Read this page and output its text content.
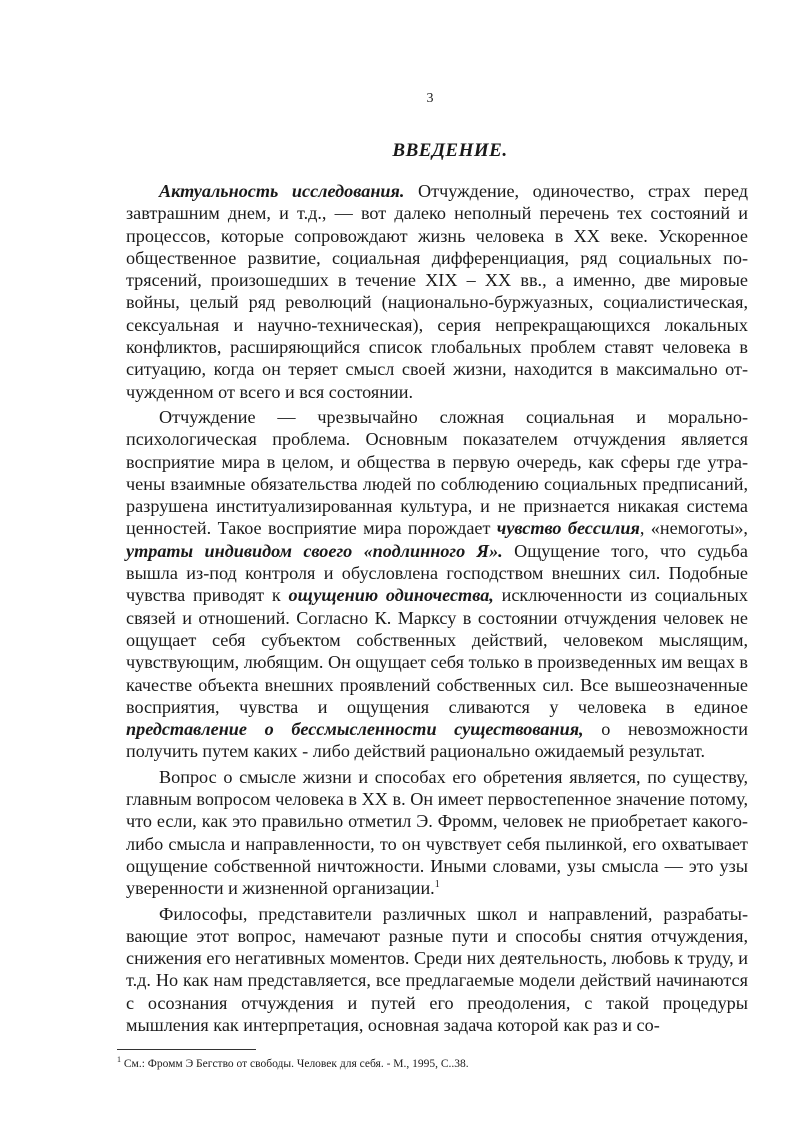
3
ВВЕДЕНИЕ.

Актуальность исследования. Отчуждение, одиночество, страх перед завтрашним днем, и т.д., — вот далеко неполный перечень тех состояний и процессов, которые сопровождают жизнь человека в XX веке. Ускоренное общественное развитие, социальная дифференциация, ряд социальных потрясений, произошедших в течение XIX – XX вв., а именно, две мировые войны, целый ряд революций (национально-буржуазных, социалистическая, сексуальная и научно-техническая), серия непрекращающихся локальных конфликтов, расширяющийся список глобальных проблем ставят человека в ситуацию, когда он теряет смысл своей жизни, находится в максимально отчужденном от всего и вся состоянии.

Отчуждение — чрезвычайно сложная социальная и морально-психологическая проблема. Основным показателем отчуждения является восприятие мира в целом, и общества в первую очередь, как сферы где утрачены взаимные обязательства людей по соблюдению социальных предписаний, разрушена институализированная культура, и не признается никакая система ценностей. Такое восприятие мира порождает чувство бессилия, «немоготы», утраты индивидом своего «подлинного Я». Ощущение того, что судьба вышла из-под контроля и обусловлена господством внешних сил. Подобные чувства приводят к ощущению одиночества, исключенности из социальных связей и отношений. Согласно К. Марксу в состоянии отчуждения человек не ощущает себя субъектом собственных действий, человеком мыслящим, чувствующим, любящим. Он ощущает себя только в произведенных им вещах в качестве объекта внешних проявлений собственных сил. Все вышеозначенные восприятия, чувства и ощущения сливаются у человека в единое представление о бессмысленности существования, о невозможности получить путем каких - либо действий рационально ожидаемый результат.

Вопрос о смысле жизни и способах его обретения является, по существу, главным вопросом человека в XX в. Он имеет первостепенное значение потому, что если, как это правильно отметил Э. Фромм, человек не приобретает какого-либо смысла и направленности, то он чувствует себя пылинкой, его охватывает ощущение собственной ничтожности. Иными словами, узы смысла — это узы уверенности и жизненной организации.$^1$

Философы, представители различных школ и направлений, разрабатывающие этот вопрос, намечают разные пути и способы снятия отчуждения, снижения его негативных моментов. Среди них деятельность, любовь к труду, и т.д. Но как нам представляется, все предлагаемые модели действий начинаются с осознания отчуждения и путей его преодоления, с такой процедуры мышления как интерпретация, основная задача которой как раз и со-

$^1$ См.: Фромм Э Бегство от свободы. Человек для себя. - М., 1995, С..38.
